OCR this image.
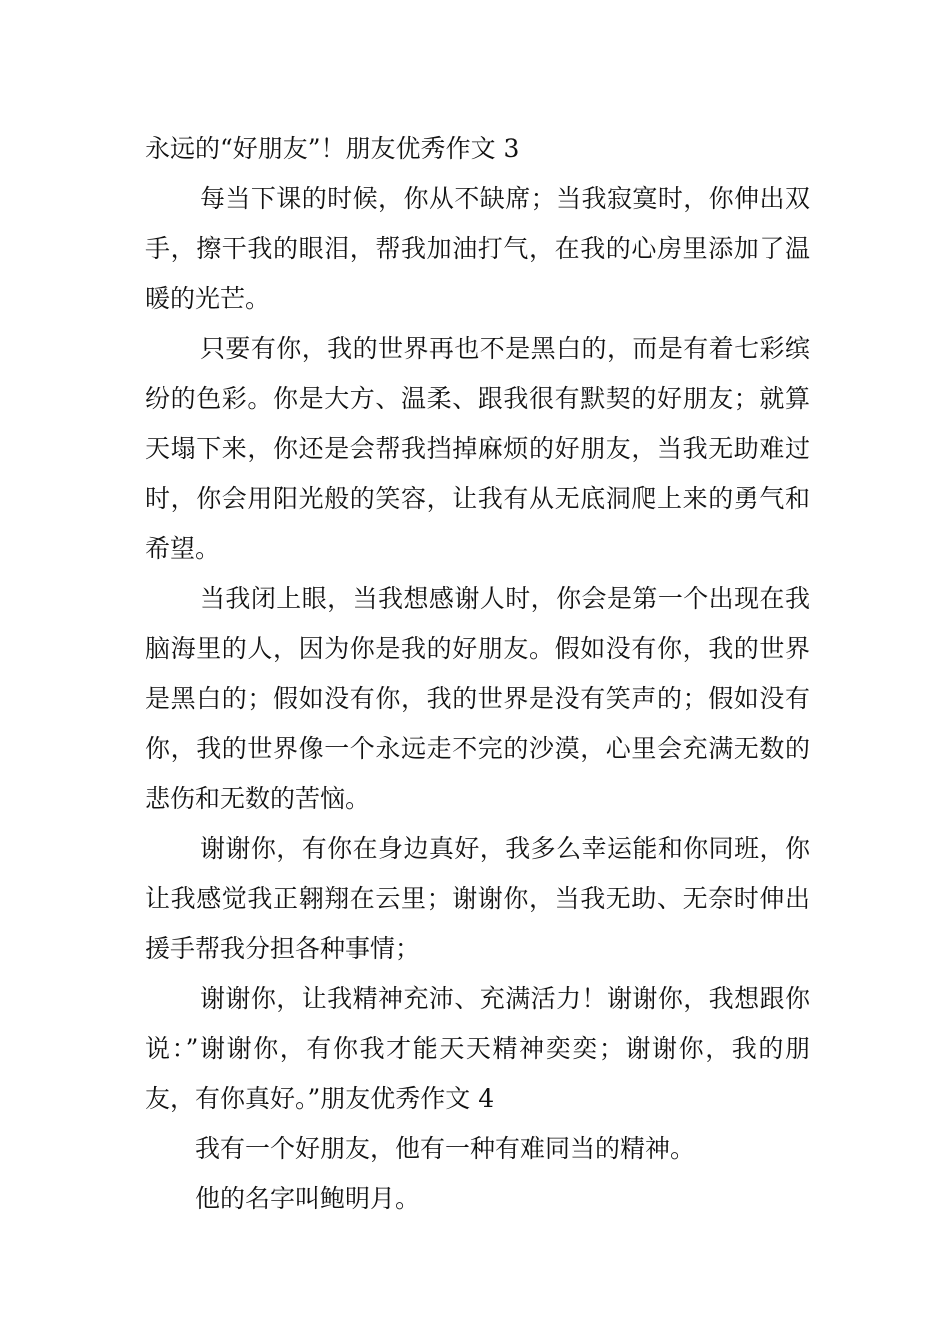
永远的“好朋友”！朋友优秀作文 3

每当下课的时候，你从不缺席；当我寂寞时，你伸出双手，擦干我的眼泪，帮我加油打气，在我的心房里添加了温暖的光芒。

只要有你，我的世界再也不是黑白的，而是有着七彩缤纷的色彩。你是大方、温柔、跟我很有默契的好朋友；就算天塌下来，你还是会帮我挡掉麻烦的好朋友，当我无助难过时，你会用阳光般的笑容，让我有从无底洞爬上来的勇气和希望。

当我闭上眼，当我想感谢人时，你会是第一个出现在我脑海里的人，因为你是我的好朋友。假如没有你，我的世界是黑白的；假如没有你，我的世界是没有笑声的；假如没有你，我的世界像一个永远走不完的沙漠，心里会充满无数的悲伤和无数的苦恼。

谢谢你，有你在身边真好，我多么幸运能和你同班，你让我感觉我正翱翔在云里；谢谢你，当我无助、无奈时伸出援手帮我分担各种事情；

谢谢你，让我精神充沛、充满活力！谢谢你，我想跟你说：”谢谢你，有你我才能天天精神奕奕；谢谢你，我的朋友，有你真好。”朋友优秀作文 4

我有一个好朋友，他有一种有难同当的精神。

他的名字叫鲍明月。
